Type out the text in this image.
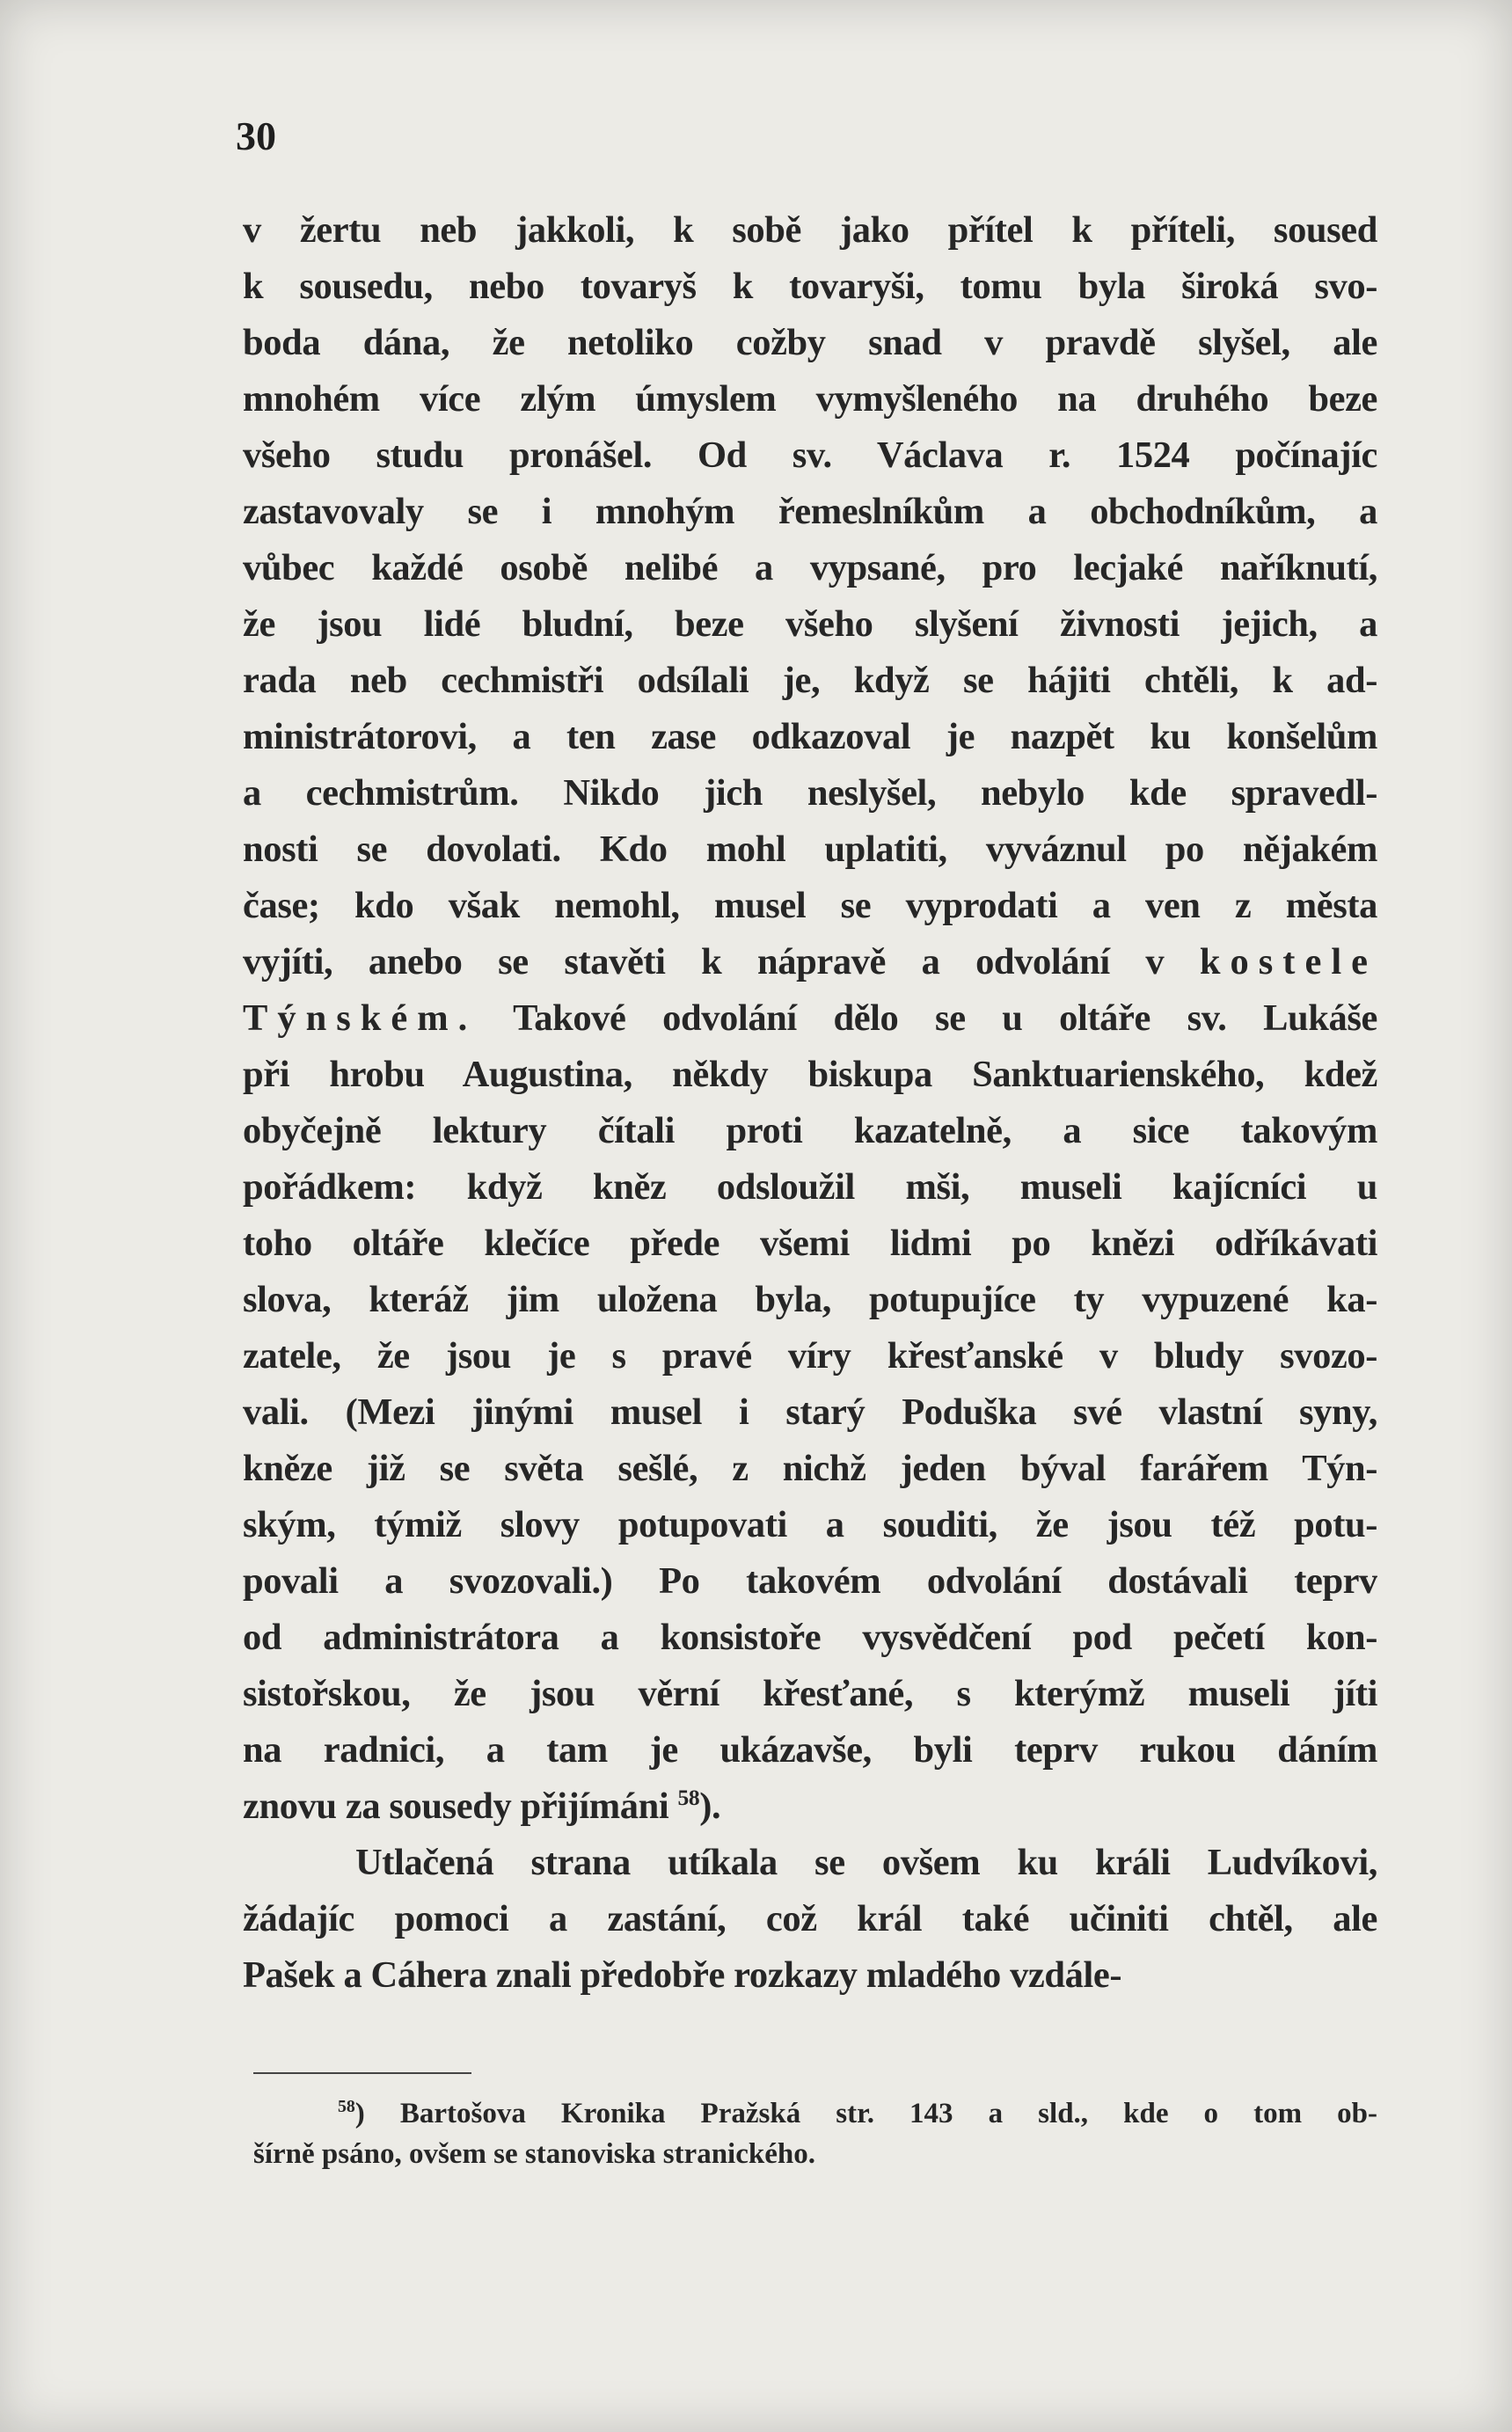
30
v žertu neb jakkoli, k sobě jako přítel k příteli, soused
k sousedu, nebo tovaryš k tovaryši, tomu byla široká svo-
boda dána, že netoliko cožby snad v pravdě slyšel, ale
mnohém více zlým úmyslem vymyšleného na druhého beze
všeho studu pronášel. Od sv. Václava r. 1524 počínajíc
zastavovaly se i mnohým řemeslníkům a obchodníkům, a
vůbec každé osobě nelibé a vypsané, pro lecjaké naříknutí,
že jsou lidé bludní, beze všeho slyšení živnosti jejich, a
rada neb cechmistři odsílali je, když se hájiti chtěli, k ad-
ministrátorovi, a ten zase odkazoval je nazpět ku konšelům
a cechmistrům. Nikdo jich neslyšel, nebylo kde spravedl-
nosti se dovolati. Kdo mohl uplatiti, vyváznul po nějakém
čase; kdo však nemohl, musel se vyprodati a ven z města
vyjíti, anebo se stavěti k nápravě a odvolání v kostele
Týnském. Takové odvolání dělo se u oltáře sv. Lukáše
při hrobu Augustina, někdy biskupa Sanktuarienského, kdež
obyčejně lektury čítali proti kazatelně, a sice takovým
pořádkem: když kněz odsloužil mši, museli kajícníci u
toho oltáře klečíce přede všemi lidmi po knězi odříkávati
slova, kteráž jim uložena byla, potupujíce ty vypuzené ka-
zatele, že jsou je s pravé víry křesťanské v bludy svozo-
vali. (Mezi jinými musel i starý Poduška své vlastní syny,
kněze již se světa sešlé, z nichž jeden býval farářem Týn-
ským, týmiž slovy potupovati a souditi, že jsou též potu-
povali a svozovali.) Po takovém odvolání dostávali teprv
od administrátora a konsistoře vysvědčení pod pečetí kon-
sistořskou, že jsou věrní křesťané, s kterýmž museli jíti
na radnici, a tam je ukázavše, byli teprv rukou dáním
znovu za sousedy přijímáni $^{58}$).
Utlačená strana utíkala se ovšem ku králi Ludvíkovi,
žádajíc pomoci a zastání, což král také učiniti chtěl, ale
Pašek a Cáhera znali předobře rozkazy mladého vzdále-
$^{58}$) Bartošova Kronika Pražská str. 143 a sld., kde o tom ob-
šírně psáno, ovšem se stanoviska stranického.
